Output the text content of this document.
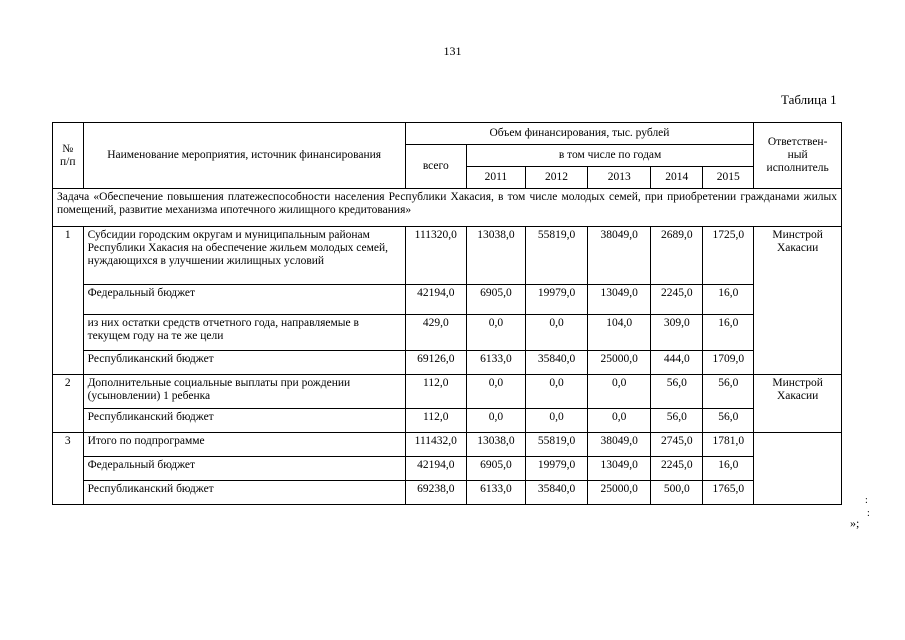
131
Таблица 1
№ п/п	Наименование мероприятия, источник финансирования	Объем финансирования, тыс. рублей						Ответствен-ный исполнитель
		всего	в том числе по годам					
			2011	2012	2013	2014	2015	
Задача «Обеспечение повышения платежеспособности населения Республики Хакасия, в том числе молодых семей, при приобретении гражданами жилых помещений, развитие механизма ипотечного жилищного кредитования»								
1	Субсидии городским округам и муниципальным районам Республики Хакасия на обеспечение жильем молодых семей, нуждающихся в улучшении жилищных условий	111320,0	13038,0	55819,0	38049,0	2689,0	1725,0	Минстрой Хакасии
	Федеральный бюджет	42194,0	6905,0	19979,0	13049,0	2245,0	16,0	
	из них остатки средств отчетного года, направляемые в текущем году на те же цели	429,0	0,0	0,0	104,0	309,0	16,0	
	Республиканский бюджет	69126,0	6133,0	35840,0	25000,0	444,0	1709,0	
2	Дополнительные социальные выплаты при рождении (усыновлении) 1 ребенка	112,0	0,0	0,0	0,0	56,0	56,0	Минстрой Хакасии
	Республиканский бюджет	112,0	0,0	0,0	0,0	56,0	56,0	
3	Итого по подпрограмме	111432,0	13038,0	55819,0	38049,0	2745,0	1781,0	
	Федеральный бюджет	42194,0	6905,0	19979,0	13049,0	2245,0	16,0	
	Республиканский бюджет	69238,0	6133,0	35840,0	25000,0	500,0	1765,0	
:
:
»;
